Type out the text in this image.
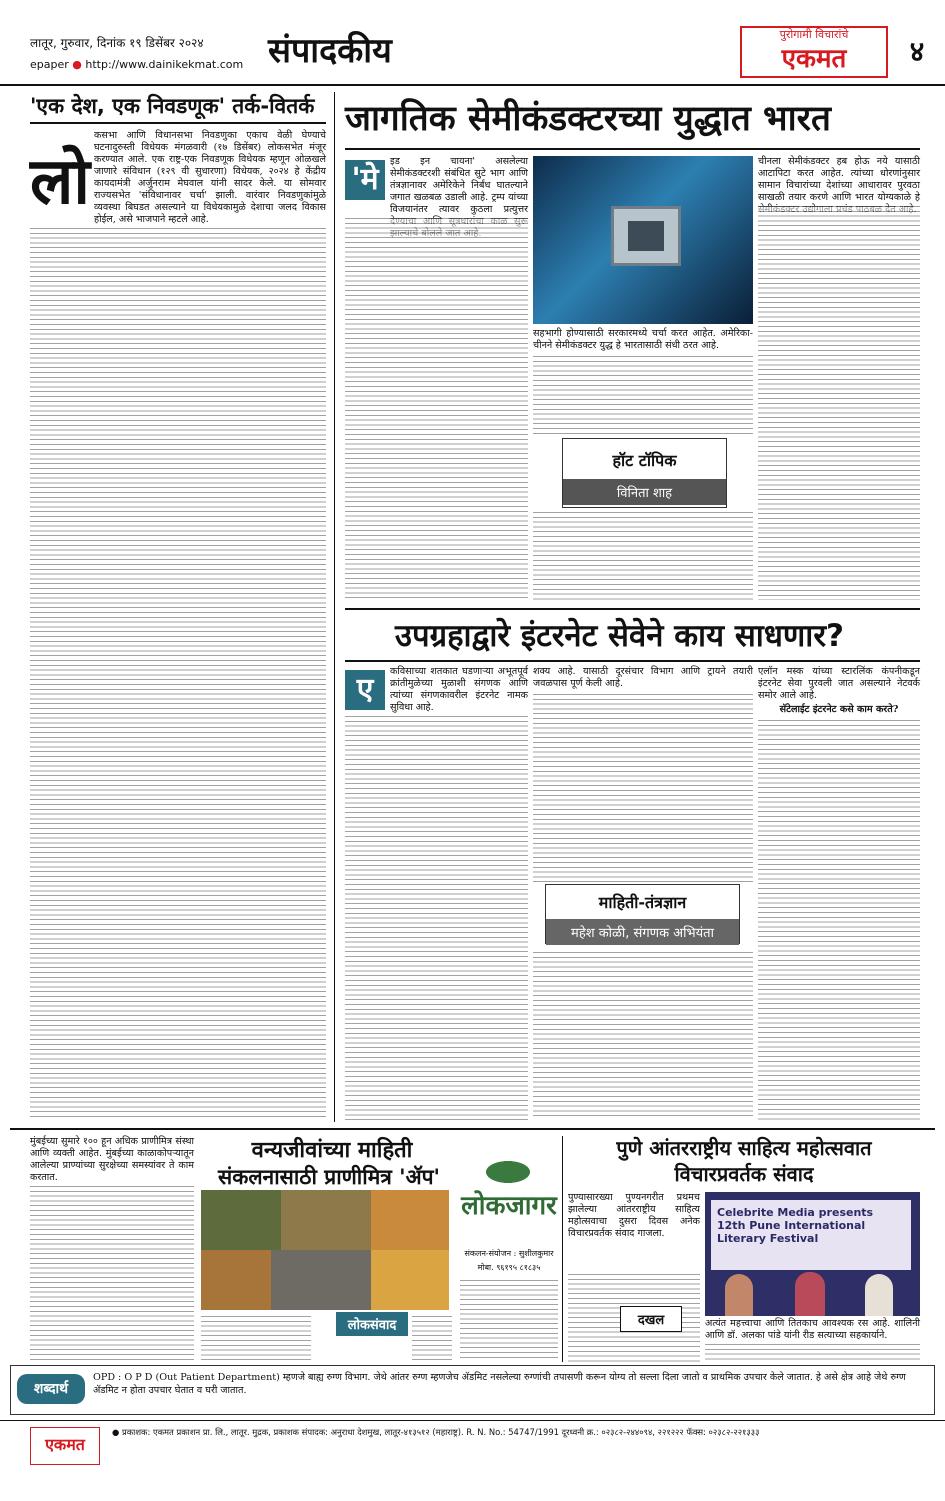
लातूर, गुरुवार, दिनांक १९ डिसेंबर २०२४
epaper ● http://www.dainikekmat.com संपादकीय	पुरोगामी विचारांचे
एकमत	४
'एक देश, एक निवडणूक' तर्क-वितर्क
लो
कसभा आणि विधानसभा निवडणुका एकाच वेळी घेण्याचे घटनादुरुस्ती विधेयक मंगळवारी (१७ डिसेंबर) लोकसभेत मंजूर करण्यात आले. एक राष्ट्र-एक निवडणूक विधेयक म्हणून ओळखले जाणारे संविधान (१२९ वी सुधारणा) विधेयक, २०२४ हे केंद्रीय कायदामंत्री अर्जुनराम मेघवाल यांनी सादर केले. या सोमवार राज्यसभेत 'संविधानावर चर्चा' झाली. वारंवार निवडणुकांमुळे व्यवस्था बिघडत असल्याने या विधेयकामुळे देशाचा जलद विकास होईल, असे भाजपाने म्हटले आहे.
जागतिक सेमीकंडक्टरच्या युद्धात भारत
'मे
इड इन चायना' असलेल्या सेमीकंडक्टरशी संबंधित सुटे भाग आणि तंत्रज्ञानावर अमेरिकेने निर्बंध घातल्याने जगात खळबळ उडाली आहे. ट्रम्प यांच्या विजयानंतर त्यावर कुठला प्रत्युत्तर
सहभागी होण्यासाठी सरकारमध्ये चर्चा करत आहेत. अमेरिका-चीनने सेमीकंडक्टर युद्ध हे भारतासाठी संधी ठरत आहे.
हॉट टॉपिक
विनिता शाह
चीनला सेमीकंडक्टर हब होऊ नये यासाठी आटापिटा करत आहेत. त्यांच्या धोरणांनुसार सामान विचारांच्या देशांच्या आधारावर पुरवठा साखळी तयार करणे आणि भारत योग्यकाळे हे
उपग्रहाद्वारे इंटरनेट सेवेने काय साधणार?
ए
कविसाच्या शतकात घडणाऱ्या अभूतपूर्व क्रांतीमुळेच्या मुळाशी संगणक आणि त्यांच्या संगणकावरील इंटरनेट नामक सुविधा आहे.
शक्य आहे. यासाठी दूरसंचार विभाग आणि ट्रायने तयारी जवळपास पूर्ण केली आहे.
माहिती-तंत्रज्ञान
महेश कोळी, संगणक अभियंता
एलॉन मस्क यांच्या स्टारलिंक कंपनीकडून इंटरनेट सेवा पुरवली जात असल्याने नेटवर्क समोर आले आहे.
सॅटेलाईट इंटरनेट कसे काम करते?
मुंबईच्या सुमारे १०० हून अधिक प्राणीमित्र संस्था आणि व्यक्ती आहेत. मुंबईच्या काळाकोपऱ्यातून आलेल्या प्राण्यांच्या सुरक्षेच्या समस्यांवर ते काम करतात.
वन्यजीवांच्या माहिती
संकलनासाठी प्राणीमित्र 'ॲप'
लोकसंवाद
लोकजागर
संकलन-संयोजन : सुशीलकुमार
मोबा. ९६१९५ ८१८३५
पुणे आंतरराष्ट्रीय साहित्य महोत्सवात
विचारप्रवर्तक संवाद
पुण्यासारख्या पुण्यनगरीत प्रथमच झालेल्या आंतरराष्ट्रीय साहित्य महोत्सवाचा दुसरा दिवस अनेक विचारप्रवर्तक संवाद गाजला.
Celebrite Media presents 12th Pune International Literary Festival
अत्यंत महत्त्वाचा आणि तितकाच आवश्यक रस आहे. शालिनी आणि डॉ. अलका पांडे यांनी रीड सत्याच्या सहकार्याने.
दखल
शब्दार्थ
OPD : O P D (Out Patient Department) म्हणजे बाह्य रुग्ण विभाग. जेथे आंतर रुग्ण म्हणजेच ॲडमिट नसलेल्या रुग्णांची तपासणी करून योग्य तो सल्ला दिला जातो व प्राथमिक उपचार केले जातात. हे असे क्षेत्र आहे जेथे रुग्ण ॲडमिट न होता उपचार घेतात व घरी जातात.
एकमत
● प्रकाशक: एकमत प्रकाशन प्रा. लि., लातूर. मुद्रक, प्रकाशक संपादक: अनुराधा देशमुख, लातूर-४१३५१२ (महाराष्ट्र). R. N. No.: 54747/1991 दूरध्वनी क्र.: ०२३८२-२४४०९४, २२१२२२ फॅक्स: ०२३८२-२२१३३३
